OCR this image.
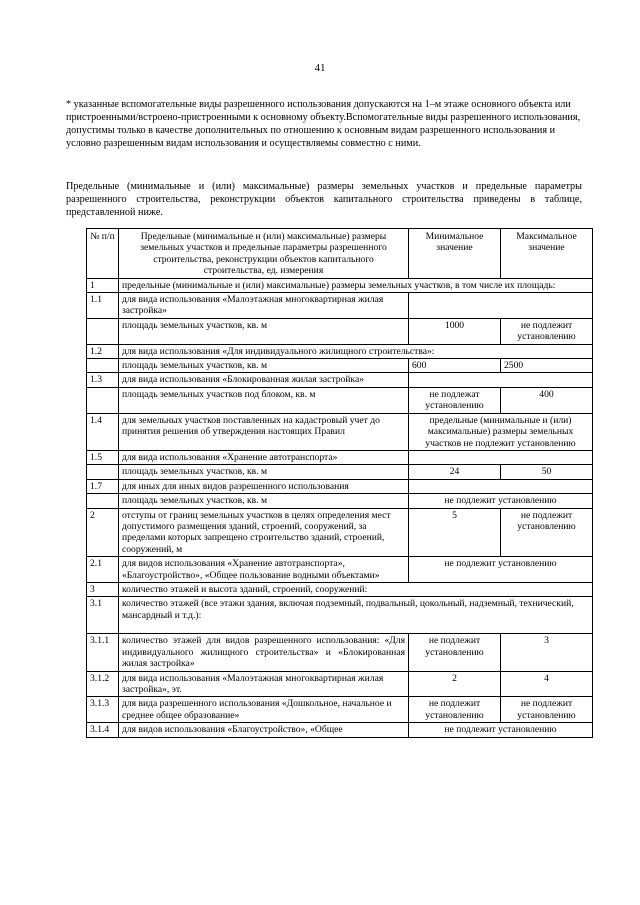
41

* указанные вспомогательные виды разрешенного использования допускаются на 1–м этаже основного объекта или пристроенными/встроено-пристроенными к основному объекту.Вспомогательные виды разрешенного использования, допустимы только в качестве дополнительных по отношению к основным видам разрешенного использования и условно разрешенным видам использования и осуществляемы совместно с ними.

Предельные (минимальные и (или) максимальные) размеры земельных участков и предельные параметры разрешенного строительства, реконструкции объектов капитального строительства приведены в таблице, представленной ниже.

№ п/п	Предельные (минимальные и (или) максимальные) размеры земельных участков и предельные параметры разрешенного строительства, реконструкции объектов капитального строительства, ед. измерения	Минимальное значение	Максимальное значение
1	предельные (минимальные и (или) максимальные) размеры земельных участков, в том числе их площадь:		
1.1	для вида использования «Малоэтажная многоквартирная жилая застройка»		
	площадь земельных участков, кв. м	1000	не подлежит установлению
1.2	для вида использования «Для индивидуального жилищного строительства»:		
	площадь земельных участков, кв. м	600	2500
1.3	для вида использования «Блокированная жилая застройка»		
	площадь земельных участков под блоком, кв. м	не подлежат установлению	400
1.4	для земельных участков поставленных на кадастровый учет до принятия решения об утверждения настоящих Правил	предельные (минимальные и (или) максимальные) размеры земельных участков не подлежит установлению	
1.5	для вида использования «Хранение автотранспорта»		
	площадь земельных участков, кв. м	24	50
1.7	для иных для иных видов разрешенного использования		
	площадь земельных участков, кв. м	не подлежит установлению	
2	отступы от границ земельных участков в целях определения мест допустимого размещения зданий, строений, сооружений, за пределами которых запрещено строительство зданий, строений, сооружений, м	5	не подлежит установлению
2.1	для видов использования «Хранение автотранспорта», «Благоустройство», «Общее пользование водными объектами»	не подлежит установлению	
3	количество этажей и высота зданий, строений, сооружений:		
3.1	количество этажей (все этажи здания, включая подземный, подвальный, цокольный, надземный, технический, мансардный и т.д.):		
3.1.1	количество этажей для видов разрешенного использования: «Для индивидуального жилищного строительства» и «Блокированная жилая застройка»	не подлежит установлению	3
3.1.2	для вида использования «Малоэтажная многоквартирная жилая застройка», эт.	2	4
3.1.3	для вида разрешенного использования «Дошкольное, начальное и среднее общее образование»	не подлежит установлению	не подлежит установлению
3.1.4	для видов использования «Благоустройство», «Общее	не подлежит установлению	
